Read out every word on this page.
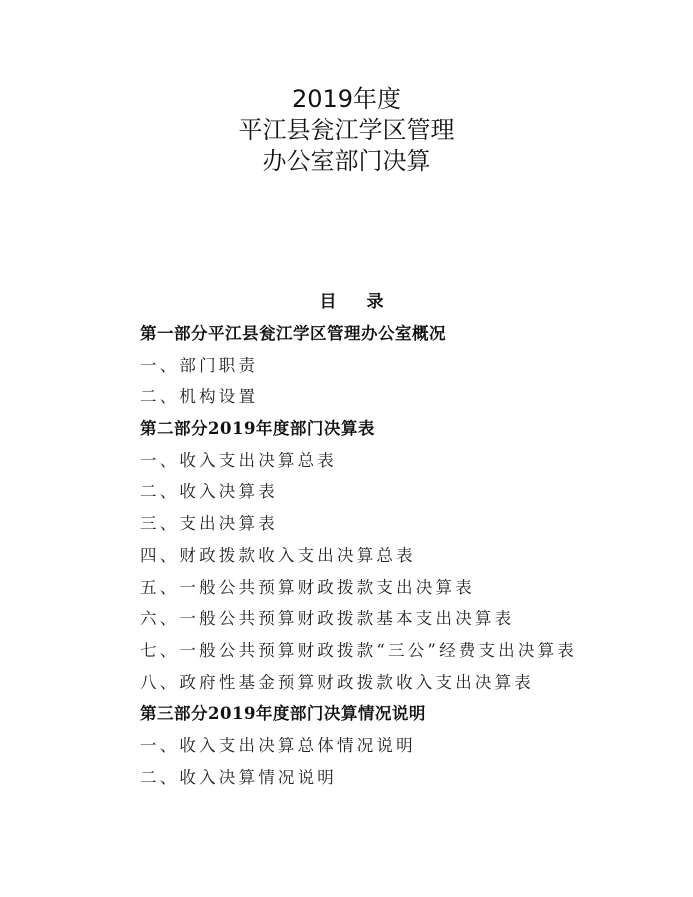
2019年度
平江县瓮江学区管理
办公室部门决算
目 录
第一部分平江县瓮江学区管理办公室概况
一、部门职责
二、机构设置
第二部分2019年度部门决算表
一、收入支出决算总表
二、收入决算表
三、支出决算表
四、财政拨款收入支出决算总表
五、一般公共预算财政拨款支出决算表
六、一般公共预算财政拨款基本支出决算表
七、一般公共预算财政拨款“三公”经费支出决算表
八、政府性基金预算财政拨款收入支出决算表
第三部分2019年度部门决算情况说明
一、收入支出决算总体情况说明
二、收入决算情况说明
